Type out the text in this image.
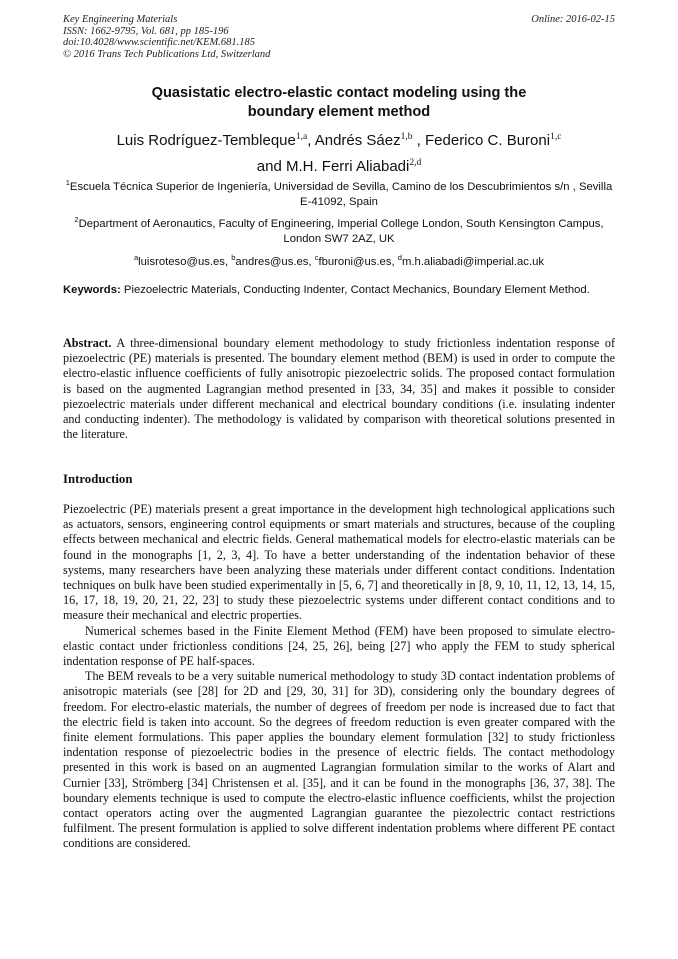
Key Engineering Materials
ISSN: 1662-9795, Vol. 681, pp 185-196
doi:10.4028/www.scientific.net/KEM.681.185
© 2016 Trans Tech Publications Ltd, Switzerland
Online: 2016-02-15
Quasistatic electro-elastic contact modeling using the
boundary element method
Luis Rodríguez-Tembleque$^{1,a}$, Andrés Sáez$^{1,b}$ , Federico C. Buroni$^{1,c}$
and M.H. Ferri Aliabadi$^{2,d}$
$^1$Escuela Técnica Superior de Ingeniería, Universidad de Sevilla, Camino de los Descubrimientos s/n , Sevilla E-41092, Spain
$^2$Department of Aeronautics, Faculty of Engineering, Imperial College London, South Kensington Campus, London SW7 2AZ, UK
$^a$luisroteso@us.es, $^b$andres@us.es, $^c$fburoni@us.es, $^d$m.h.aliabadi@imperial.ac.uk
Keywords: Piezoelectric Materials, Conducting Indenter, Contact Mechanics, Boundary Element Method.
Abstract. A three-dimensional boundary element methodology to study frictionless indentation response of piezoelectric (PE) materials is presented. The boundary element method (BEM) is used in order to compute the electro-elastic influence coefficients of fully anisotropic piezoelectric solids. The proposed contact formulation is based on the augmented Lagrangian method presented in [33, 34, 35] and makes it possible to consider piezoelectric materials under different mechanical and electrical boundary conditions (i.e. insulating indenter and conducting indenter). The methodology is validated by comparison with theoretical solutions presented in the literature.
Introduction

Piezoelectric (PE) materials present a great importance in the development high technological applications such as actuators, sensors, engineering control equipments or smart materials and structures, because of the coupling effects between mechanical and electric fields. General mathematical models for electro-elastic materials can be found in the monographs [1, 2, 3, 4]. To have a better understanding of the indentation behavior of these systems, many researchers have been analyzing these materials under different contact conditions. Indentation techniques on bulk have been studied experimentally in [5, 6, 7] and theoretically in [8, 9, 10, 11, 12, 13, 14, 15, 16, 17, 18, 19, 20, 21, 22, 23] to study these piezoelectric systems under different contact conditions and to measure their mechanical and electric properties.

Numerical schemes based in the Finite Element Method (FEM) have been proposed to simulate electro-elastic contact under frictionless conditions [24, 25, 26], being [27] who apply the FEM to study spherical indentation response of PE half-spaces.

The BEM reveals to be a very suitable numerical methodology to study 3D contact indentation problems of anisotropic materials (see [28] for 2D and [29, 30, 31] for 3D), considering only the boundary degrees of freedom. For electro-elastic materials, the number of degrees of freedom per node is increased due to fact that the electric field is taken into account. So the degrees of freedom reduction is even greater compared with the finite element formulations. This paper applies the boundary element formulation [32] to study frictionless indentation response of piezoelectric bodies in the presence of electric fields. The contact methodology presented in this work is based on an augmented Lagrangian formulation similar to the works of Alart and Curnier [33], Strömberg [34] Christensen et al. [35], and it can be found in the monographs [36, 37, 38]. The boundary elements technique is used to compute the electro-elastic influence coefficients, whilst the projection contact operators acting over the augmented Lagrangian guarantee the piezolectric contact restrictions fulfilment. The present formulation is applied to solve different indentation problems where different PE contact conditions are considered.
